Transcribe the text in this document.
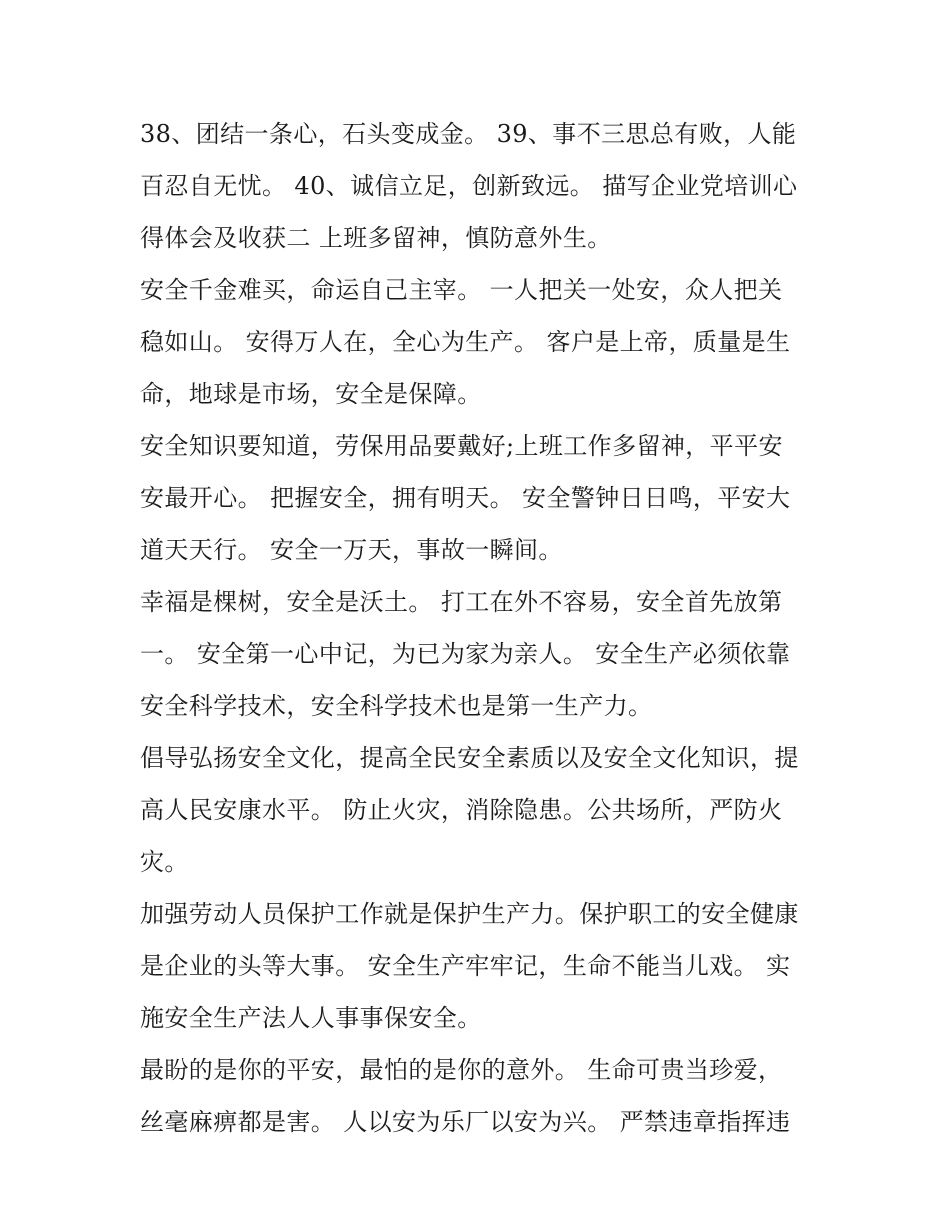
38、团结一条心，石头变成金。 39、事不三思总有败，人能
百忍自无忧。 40、诚信立足，创新致远。 描写企业党培训心
得体会及收获二 上班多留神，慎防意外生。
安全千金难买，命运自己主宰。 一人把关一处安，众人把关
稳如山。 安得万人在，全心为生产。 客户是上帝，质量是生
命，地球是市场，安全是保障。
安全知识要知道，劳保用品要戴好;上班工作多留神，平平安
安最开心。 把握安全，拥有明天。 安全警钟日日鸣，平安大
道天天行。 安全一万天，事故一瞬间。
幸福是棵树，安全是沃土。 打工在外不容易，安全首先放第
一。 安全第一心中记，为已为家为亲人。 安全生产必须依靠
安全科学技术，安全科学技术也是第一生产力。
倡导弘扬安全文化，提高全民安全素质以及安全文化知识，提
高人民安康水平。 防止火灾，消除隐患。公共场所，严防火
灾。
加强劳动人员保护工作就是保护生产力。保护职工的安全健康
是企业的头等大事。 安全生产牢牢记，生命不能当儿戏。 实
施安全生产法人人事事保安全。
最盼的是你的平安，最怕的是你的意外。 生命可贵当珍爱，
丝毫麻痹都是害。 人以安为乐厂以安为兴。 严禁违章指挥违
